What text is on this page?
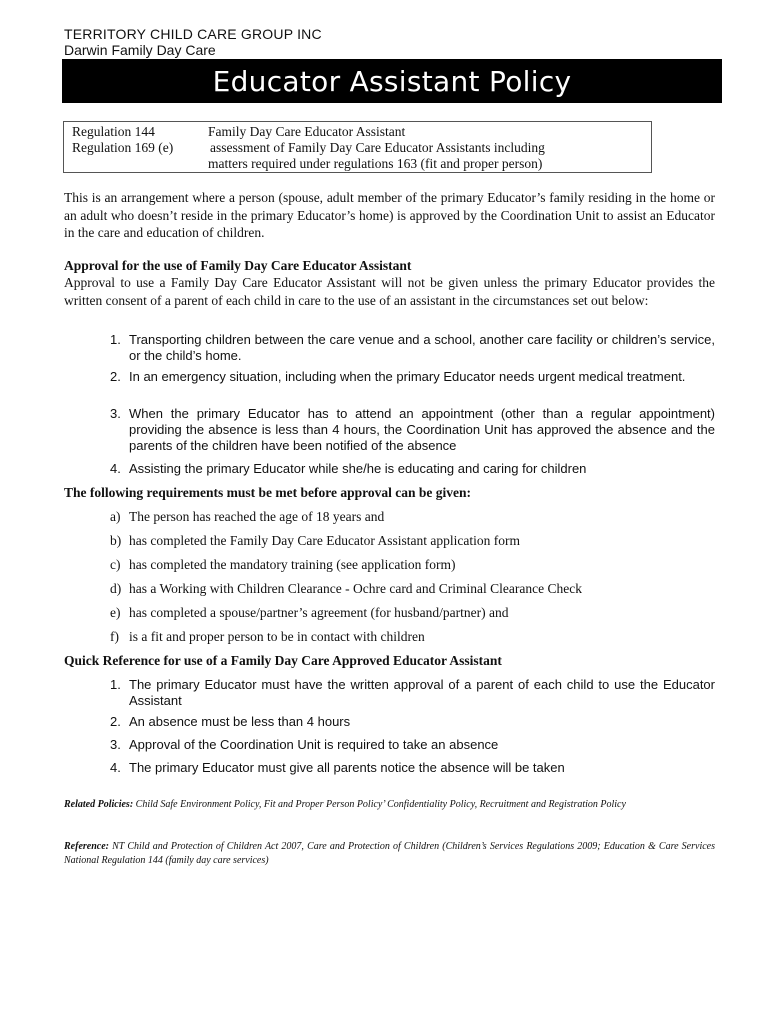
TERRITORY CHILD CARE GROUP INC
Darwin Family Day Care
Educator Assistant Policy
Regulation 144	Family Day Care Educator Assistant
Regulation 169 (e)	assessment of Family Day Care Educator Assistants including
matters required under regulations 163 (fit and proper person)
This is an arrangement where a person (spouse, adult member of the primary Educator’s family residing in the home or an adult who doesn’t reside in the primary Educator’s home) is approved by the Coordination Unit to assist an Educator in the care and education of children.
Approval for the use of Family Day Care Educator Assistant
Approval to use a Family Day Care Educator Assistant will not be given unless the primary Educator provides the written consent of a parent of each child in care to the use of an assistant in the circumstances set out below:
1. Transporting children between the care venue and a school, another care facility or children’s service, or the child’s home.
2. In an emergency situation, including when the primary Educator needs urgent medical treatment.
3. When the primary Educator has to attend an appointment (other than a regular appointment) providing the absence is less than 4 hours, the Coordination Unit has approved the absence and the parents of the children have been notified of the absence
4. Assisting the primary Educator while she/he is educating and caring for children
The following requirements must be met before approval can be given:
a) The person has reached the age of 18 years and
b) has completed the Family Day Care Educator Assistant application form
c) has completed the mandatory training (see application form)
d) has a Working with Children Clearance - Ochre card and Criminal Clearance Check
e) has completed a spouse/partner’s agreement (for husband/partner) and
f) is a fit and proper person to be in contact with children
Quick Reference for use of a Family Day Care Approved Educator Assistant
1. The primary Educator must have the written approval of a parent of each child to use the Educator Assistant
2. An absence must be less than 4 hours
3. Approval of the Coordination Unit is required to take an absence
4. The primary Educator must give all parents notice the absence will be taken
Related Policies: Child Safe Environment Policy, Fit and Proper Person Policy’ Confidentiality Policy, Recruitment and Registration Policy
Reference: NT Child and Protection of Children Act 2007, Care and Protection of Children (Children’s Services Regulations 2009; Education & Care Services National Regulation 144 (family day care services)
